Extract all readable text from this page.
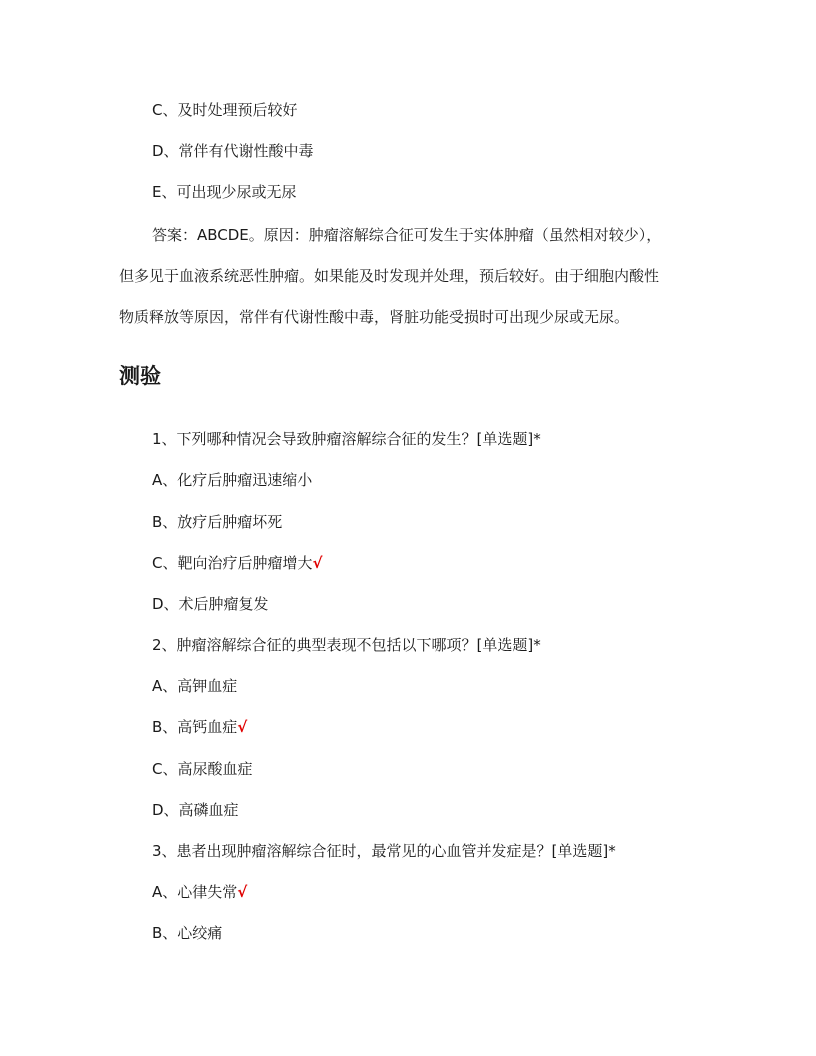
C、及时处理预后较好
D、常伴有代谢性酸中毒
E、可出现少尿或无尿
答案：ABCDE。原因：肿瘤溶解综合征可发生于实体肿瘤（虽然相对较少），
但多见于血液系统恶性肿瘤。如果能及时发现并处理，预后较好。由于细胞内酸性
物质释放等原因，常伴有代谢性酸中毒，肾脏功能受损时可出现少尿或无尿。
测验
1、下列哪种情况会导致肿瘤溶解综合征的发生？[单选题]*
A、化疗后肿瘤迅速缩小
B、放疗后肿瘤坏死
C、靶向治疗后肿瘤增大√
D、术后肿瘤复发
2、肿瘤溶解综合征的典型表现不包括以下哪项？[单选题]*
A、高钾血症
B、高钙血症√
C、高尿酸血症
D、高磷血症
3、患者出现肿瘤溶解综合征时，最常见的心血管并发症是？[单选题]*
A、心律失常√
B、心绞痛
